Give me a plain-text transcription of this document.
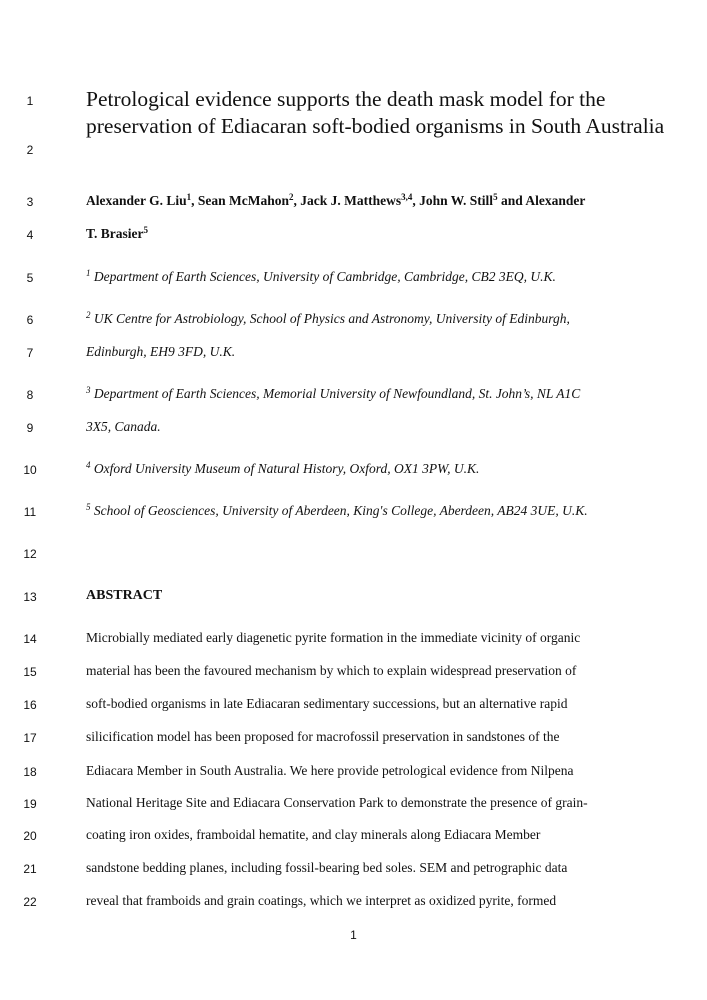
1
2
3
4
5
6
7
8
9
10
11
12
13
14
15
16
17
18
19
20
21
22
Petrological evidence supports the death mask model for the
preservation of Ediacaran soft-bodied organisms in South Australia
Alexander G. Liu$^1$, Sean McMahon$^2$, Jack J. Matthews$^{3,4}$, John W. Still$^5$ and Alexander
T. Brasier$^5$
$^1$ Department of Earth Sciences, University of Cambridge, Cambridge, CB2 3EQ, U.K.
$^2$ UK Centre for Astrobiology, School of Physics and Astronomy, University of Edinburgh,
Edinburgh, EH9 3FD, U.K.
$^3$ Department of Earth Sciences, Memorial University of Newfoundland, St. John’s, NL A1C
3X5, Canada.
$^4$ Oxford University Museum of Natural History, Oxford, OX1 3PW, U.K.
$^5$ School of Geosciences, University of Aberdeen, King's College, Aberdeen, AB24 3UE, U.K.
ABSTRACT
Microbially mediated early diagenetic pyrite formation in the immediate vicinity of organic
material has been the favoured mechanism by which to explain widespread preservation of
soft-bodied organisms in late Ediacaran sedimentary successions, but an alternative rapid
silicification model has been proposed for macrofossil preservation in sandstones of the
Ediacara Member in South Australia. We here provide petrological evidence from Nilpena
National Heritage Site and Ediacara Conservation Park to demonstrate the presence of grain-
coating iron oxides, framboidal hematite, and clay minerals along Ediacara Member
sandstone bedding planes, including fossil-bearing bed soles. SEM and petrographic data
reveal that framboids and grain coatings, which we interpret as oxidized pyrite, formed
1
